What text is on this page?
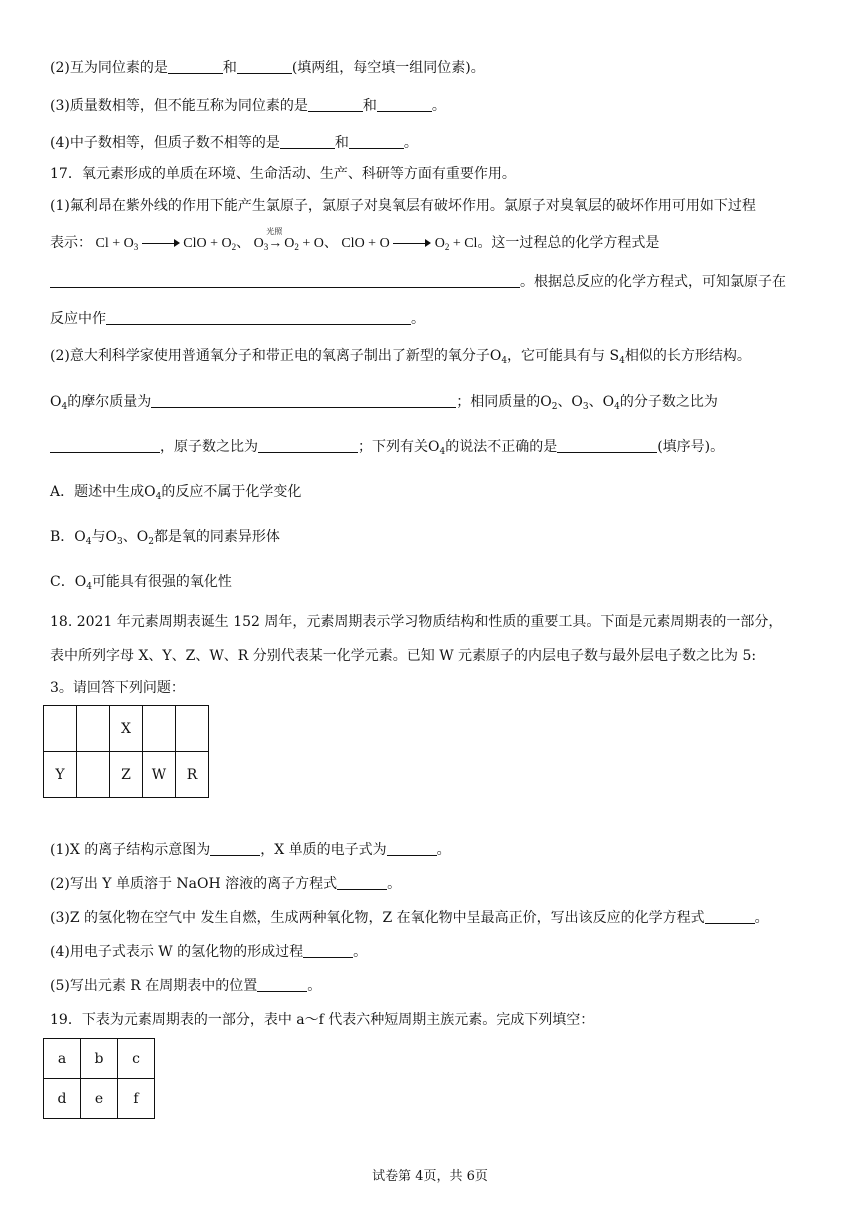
(2)互为同位素的是	和	(填两组，每空填一组同位素)。
(3)质量数相等，但不能互称为同位素的是	和	。
(4)中子数相等，但质子数不相等的是	和	。
17．氧元素形成的单质在环境、生命活动、生产、科研等方面有重要作用。
(1)氟利昂在紫外线的作用下能产生氯原子，氯原子对臭氧层有破坏作用。氯原子对臭氧层的破坏作用可用如下过程
表示： $Cl + O_3$	ClO + $O_2$、 $O_3$
光照
→ $O_2 + O$、 ClO + O	$O_2 + Cl$。这一过程总的化学方程式是
。根据总反应的化学方程式，可知氯原子在
反应中作	。
(2)意大利科学家使用普通氧分子和带正电的氧离子制出了新型的氧分子$O_4$，它可能具有与 $S_4$相似的长方形结构。
$O_4$的摩尔质量为	；相同质量的$O_2$、$O_3$、$O_4$的分子数之比为
，原子数之比为	；下列有关$O_4$的说法不正确的是	(填序号)。
A．题述中生成$O_4$的反应不属于化学变化
B．$O_4$与$O_3$、$O_2$都是氧的同素异形体
C．$O_4$可能具有很强的氧化性
18. 2021 年元素周期表诞生 152 周年，元素周期表示学习物质结构和性质的重要工具。下面是元素周期表的一部分，
表中所列字母 X、Y、Z、W、R 分别代表某一化学元素。已知 W 元素原子的内层电子数与最外层电子数之比为 5:
3。请回答下列问题：
		X		
Y		Z	W	R
(1)X 的离子结构示意图为	，X 单质的电子式为	。
(2)写出 Y 单质溶于 NaOH 溶液的离子方程式	。
(3)Z 的氢化物在空气中 发生自燃，生成两种氧化物，Z 在氧化物中呈最高正价，写出该反应的化学方程式	。
(4)用电子式表示 W 的氢化物的形成过程	。
(5)写出元素 R 在周期表中的位置	。
19．下表为元素周期表的一部分，表中 a～f 代表六种短周期主族元素。完成下列填空：
a	b	c
d	e	f
试卷第 4页，共 6页
